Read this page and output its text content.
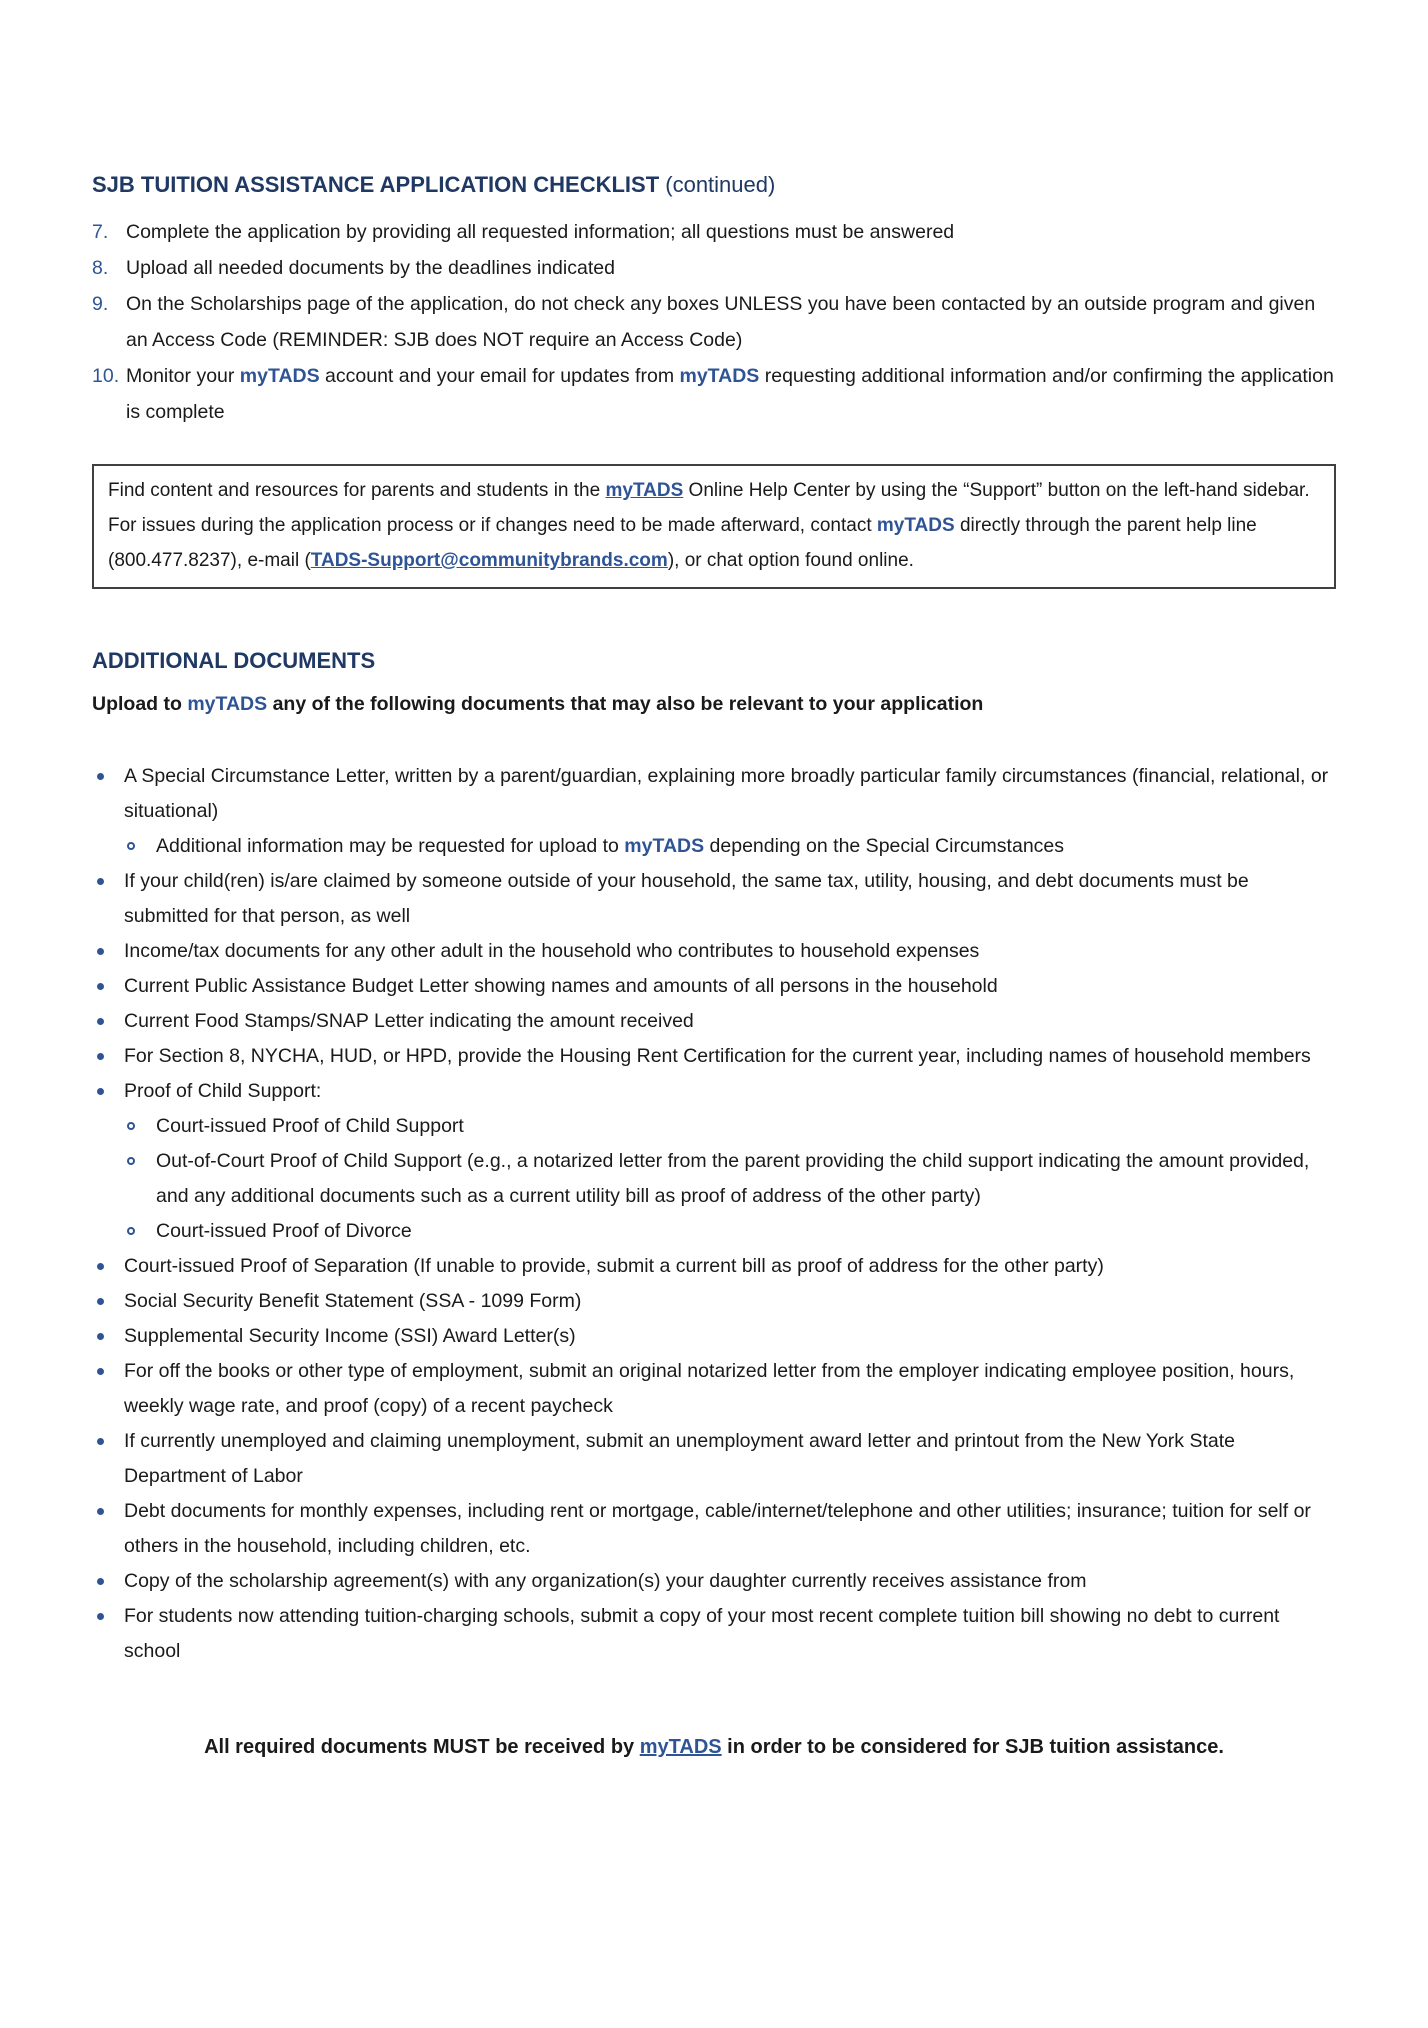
SJB TUITION ASSISTANCE APPLICATION CHECKLIST (continued)
7. Complete the application by providing all requested information; all questions must be answered
8. Upload all needed documents by the deadlines indicated
9. On the Scholarships page of the application, do not check any boxes UNLESS you have been contacted by an outside program and given an Access Code (REMINDER: SJB does NOT require an Access Code)
10. Monitor your myTADS account and your email for updates from myTADS requesting additional information and/or confirming the application is complete
Find content and resources for parents and students in the myTADS Online Help Center by using the “Support” button on the left-hand sidebar. For issues during the application process or if changes need to be made afterward, contact myTADS directly through the parent help line (800.477.8237), e-mail (TADS-Support@communitybrands.com), or chat option found online.
ADDITIONAL DOCUMENTS
Upload to myTADS any of the following documents that may also be relevant to your application
A Special Circumstance Letter, written by a parent/guardian, explaining more broadly particular family circumstances (financial, relational, or situational)
Additional information may be requested for upload to myTADS depending on the Special Circumstances
If your child(ren) is/are claimed by someone outside of your household, the same tax, utility, housing, and debt documents must be submitted for that person, as well
Income/tax documents for any other adult in the household who contributes to household expenses
Current Public Assistance Budget Letter showing names and amounts of all persons in the household
Current Food Stamps/SNAP Letter indicating the amount received
For Section 8, NYCHA, HUD, or HPD, provide the Housing Rent Certification for the current year, including names of household members
Proof of Child Support:
Court-issued Proof of Child Support
Out-of-Court Proof of Child Support (e.g., a notarized letter from the parent providing the child support indicating the amount provided, and any additional documents such as a current utility bill as proof of address of the other party)
Court-issued Proof of Divorce
Court-issued Proof of Separation (If unable to provide, submit a current bill as proof of address for the other party)
Social Security Benefit Statement (SSA - 1099 Form)
Supplemental Security Income (SSI) Award Letter(s)
For off the books or other type of employment, submit an original notarized letter from the employer indicating employee position, hours, weekly wage rate, and proof (copy) of a recent paycheck
If currently unemployed and claiming unemployment, submit an unemployment award letter and printout from the New York State Department of Labor
Debt documents for monthly expenses, including rent or mortgage, cable/internet/telephone and other utilities; insurance; tuition for self or others in the household, including children, etc.
Copy of the scholarship agreement(s) with any organization(s) your daughter currently receives assistance from
For students now attending tuition-charging schools, submit a copy of your most recent complete tuition bill showing no debt to current school
All required documents MUST be received by myTADS in order to be considered for SJB tuition assistance.
